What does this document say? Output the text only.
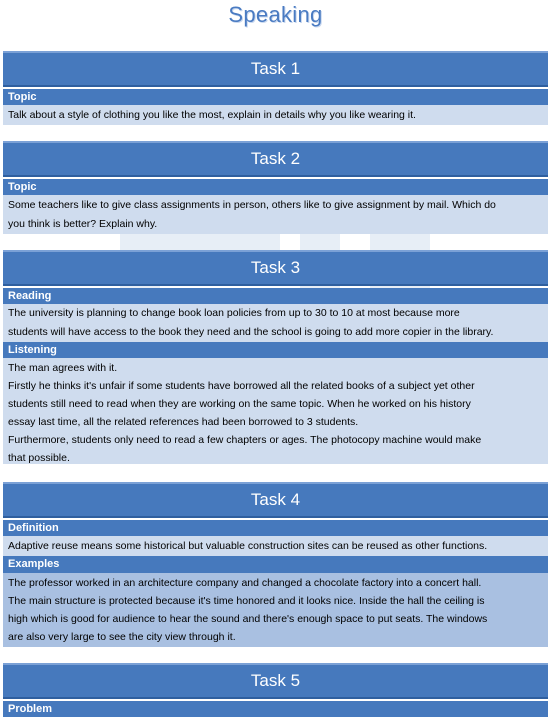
Speaking
Task 1
Topic

Talk about a style of clothing you like the most, explain in details why you like wearing it.

Task 2
Topic

Some teachers like to give class assignments in person, others like to give assignment by mail. Which do

you think is better? Explain why.

Task 3
Reading

The university is planning to change book loan policies from up to 30 to 10 at most because more

students will have access to the book they need and the school is going to add more copier in the library.

Listening

The man agrees with it.

Firstly he thinks it's unfair if some students have borrowed all the related books of a subject yet other

students still need to read when they are working on the same topic. When he worked on his history

essay last time, all the related references had been borrowed to 3 students.

Furthermore, students only need to read a few chapters or ages. The photocopy machine would make

that possible.

Task 4
Definition

Adaptive reuse means some historical but valuable construction sites can be reused as other functions.

Examples

The professor worked in an architecture company and changed a chocolate factory into a concert hall.

The main structure is protected because it's time honored and it looks nice. Inside the hall the ceiling is

high which is good for audience to hear the sound and there's enough space to put seats. The windows

are also very large to see the city view through it.

Task 5
Problem
